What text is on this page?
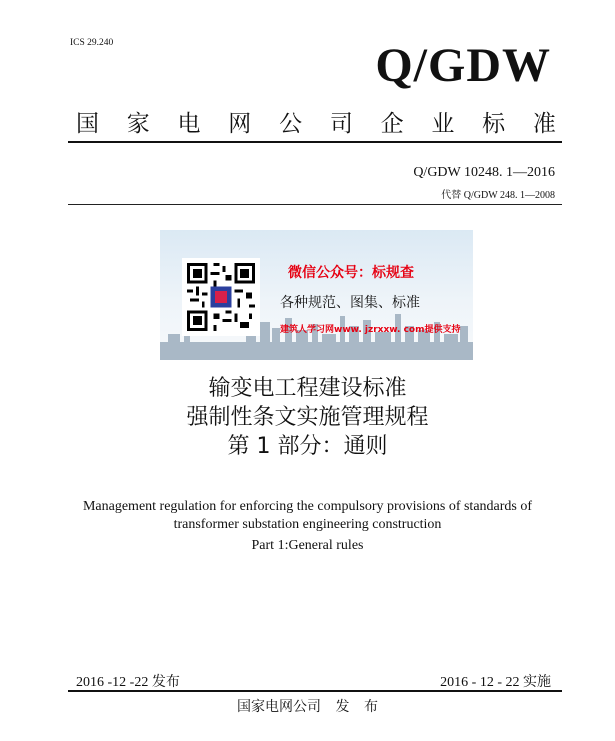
ICS 29.240	Q/GDW
国 家 电 网 公 司 企 业 标 准
Q/GDW 10248. 1—2016
代替 Q/GDW 248. 1—2008
微信公众号：标规查
各种规范、图集、标准
建筑人学习网www. jzrxxw. com提供支持
输变电工程建设标准
强制性条文实施管理规程
第 1 部分：通则
Management regulation for enforcing the compulsory provisions of standards of
transformer substation engineering construction
Part 1:General rules
2016 -12 -22 发布	2016 - 12 - 22 实施
国家电网公司 发 布
